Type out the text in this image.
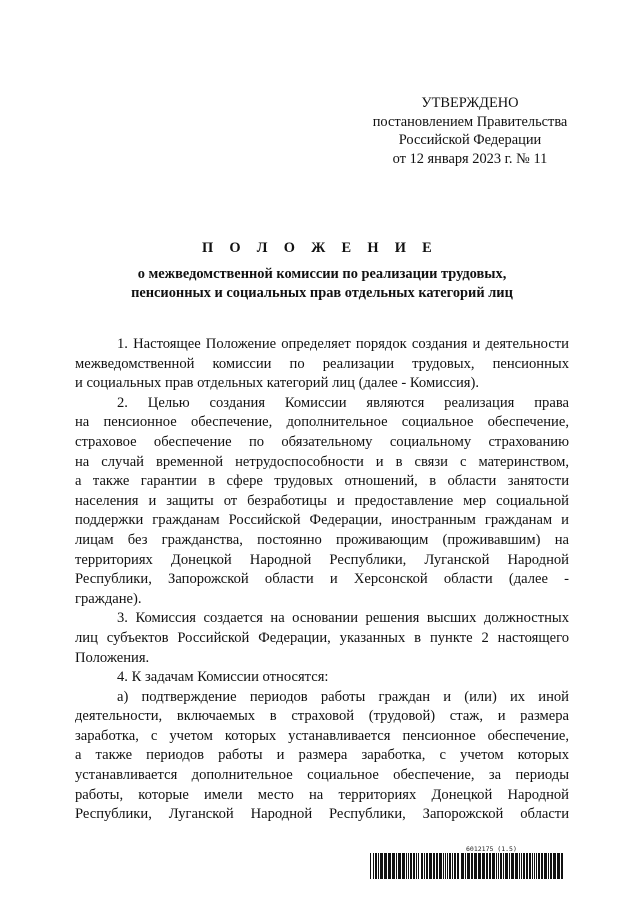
УТВЕРЖДЕНО
постановлением Правительства
Российской Федерации
от 12 января 2023 г. № 11
П О Л О Ж Е Н И Е
о межведомственной комиссии по реализации трудовых,
пенсионных и социальных прав отдельных категорий лиц
1. Настоящее Положение определяет порядок создания и деятельности
межведомственной комиссии по реализации трудовых, пенсионных
и социальных прав отдельных категорий лиц (далее - Комиссия).
2. Целью создания Комиссии являются реализация права
на пенсионное обеспечение, дополнительное социальное обеспечение,
страховое обеспечение по обязательному социальному страхованию
на случай временной нетрудоспособности и в связи с материнством,
а также гарантии в сфере трудовых отношений, в области занятости
населения и защиты от безработицы и предоставление мер социальной
поддержки гражданам Российской Федерации, иностранным гражданам и
лицам без гражданства, постоянно проживающим (проживавшим) на
территориях Донецкой Народной Республики, Луганской Народной
Республики, Запорожской области и Херсонской области (далее -
граждане).
3. Комиссия создается на основании решения высших должностных
лиц субъектов Российской Федерации, указанных в пункте 2 настоящего
Положения.
4. К задачам Комиссии относятся:
а) подтверждение периодов работы граждан и (или) их иной
деятельности, включаемых в страховой (трудовой) стаж, и размера
заработка, с учетом которых устанавливается пенсионное обеспечение,
а также периодов работы и размера заработка, с учетом которых
устанавливается дополнительное социальное обеспечение, за периоды
работы, которые имели место на территориях Донецкой Народной
Республики, Луганской Народной Республики, Запорожской области
6012175 (1.5)
